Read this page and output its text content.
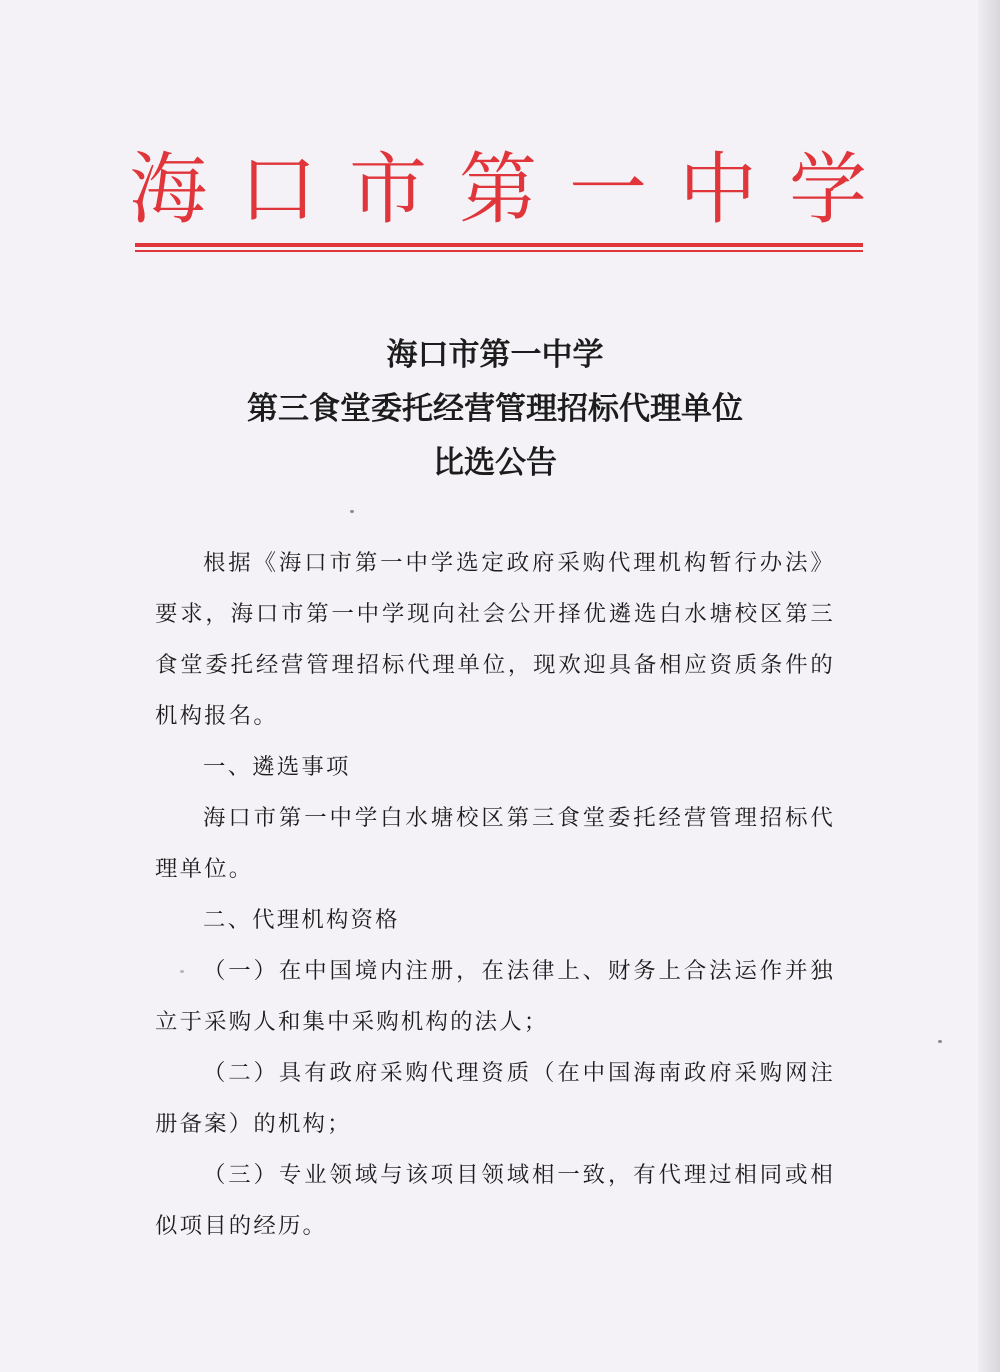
海 口 市 第 一 中 学
海口市第一中学
第三食堂委托经营管理招标代理单位
比选公告

根据《海口市第一中学选定政府采购代理机构暂行办法》要求，海口市第一中学现向社会公开择优遴选白水塘校区第三食堂委托经营管理招标代理单位，现欢迎具备相应资质条件的机构报名。

一、遴选事项

海口市第一中学白水塘校区第三食堂委托经营管理招标代理单位。

二、代理机构资格

（一）在中国境内注册，在法律上、财务上合法运作并独立于采购人和集中采购机构的法人；

（二）具有政府采购代理资质（在中国海南政府采购网注册备案）的机构；

（三）专业领域与该项目领域相一致，有代理过相同或相似项目的经历。
